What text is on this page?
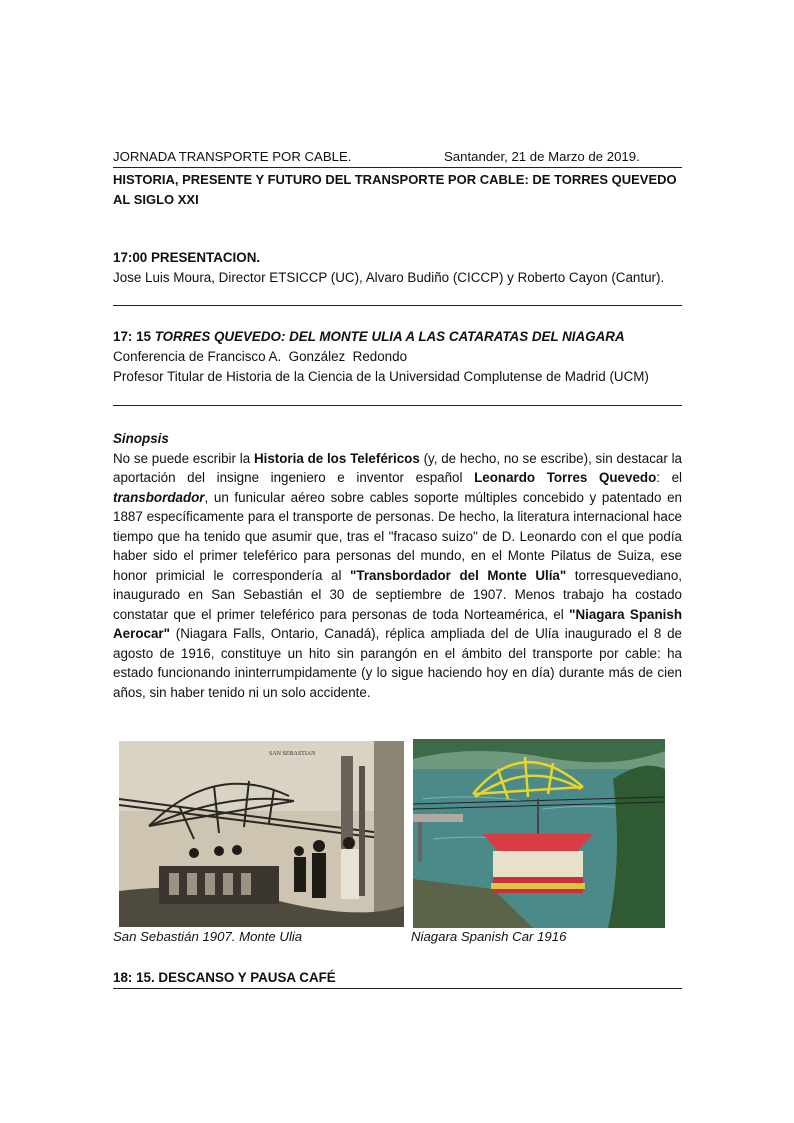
JORNADA TRANSPORTE POR CABLE.	Santander, 21 de Marzo de 2019.
HISTORIA, PRESENTE Y FUTURO DEL TRANSPORTE POR CABLE: DE TORRES QUEVEDO AL SIGLO XXI
17:00 PRESENTACION.
Jose Luis Moura, Director ETSICCP (UC), Alvaro Budiño (CICCP) y Roberto Cayon (Cantur).
17: 15 TORRES QUEVEDO: DEL MONTE ULIA A LAS CATARATAS DEL NIAGARA
Conferencia de Francisco A.  González  Redondo
Profesor Titular de Historia de la Ciencia de la Universidad Complutense de Madrid (UCM)
Sinopsis

No se puede escribir la Historia de los Teleféricos (y, de hecho, no se escribe), sin destacar la aportación del insigne ingeniero e inventor español Leonardo Torres Quevedo: el transbordador, un funicular aéreo sobre cables soporte múltiples concebido y patentado en 1887 específicamente para el transporte de personas. De hecho, la literatura internacional hace tiempo que ha tenido que asumir que, tras el "fracaso suizo" de D. Leonardo con el que podía haber sido el primer teleférico para personas del mundo, en el Monte Pilatus de Suiza, ese honor primicial le correspondería al "Transbordador del Monte Ulía" torresquevediano, inaugurado en San Sebastián el 30 de septiembre de 1907. Menos trabajo ha costado constatar que el primer teleférico para personas de toda Norteamérica, el "Niagara Spanish Aerocar" (Niagara Falls, Ontario, Canadá), réplica ampliada del de Ulía inaugurado el 8 de agosto de 1916, constituye un hito sin parangón en el ámbito del transporte por cable: ha estado funcionando ininterrumpidamente (y lo sigue haciendo hoy en día) durante más de cien años, sin haber tenido ni un solo accidente.

SAN SEBASTIAN
San Sebastián 1907. Monte Ulia	Niagara Spanish Car 1916
18: 15. DESCANSO Y PAUSA CAFÉ
